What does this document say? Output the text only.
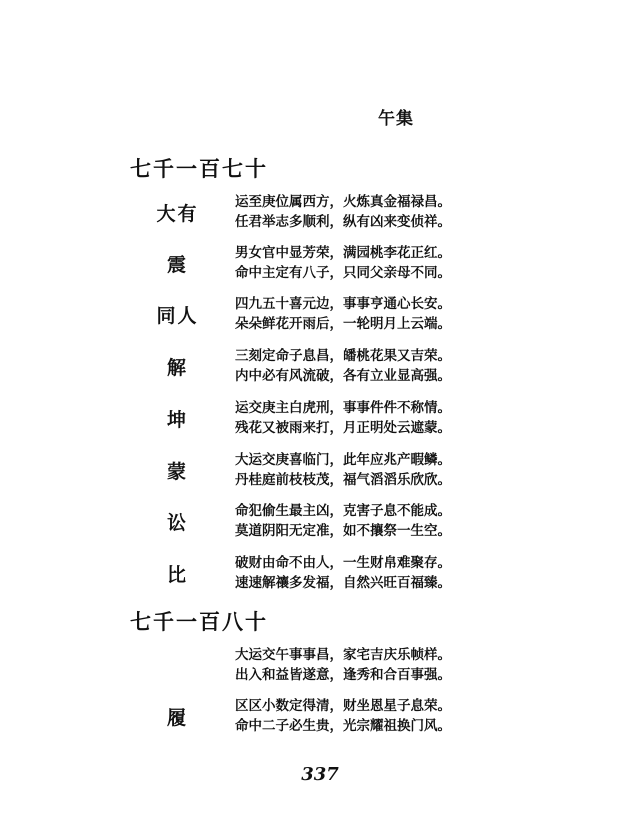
午集
七千一百七十
大有
运至庚位属西方，火炼真金福禄昌。
任君举志多顺利，纵有凶来变侦祥。
震
男女官中显芳荣，满园桃李花正红。
命中主定有八子，只同父亲母不同。
同人
四九五十喜元边，事事亨通心长安。
朵朵鲜花开雨后，一轮明月上云端。
解
三刻定命子息昌，皤桃花果又吉荣。
内中必有风流破，各有立业显高强。
坤
运交庚主白虎刑，事事件件不称情。
残花又被雨来打，月正明处云遮蒙。
蒙
大运交庚喜临门，此年应兆产暇鳞。
丹桂庭前枝枝茂，福气滔滔乐欣欣。
讼
命犯偷生最主凶，克害子息不能成。
莫道阴阳无定准，如不攘祭一生空。
比
破财由命不由人，一生财帛难聚存。
速速解禳多发福，自然兴旺百福臻。
七千一百八十
大运交午事事昌，家宅吉庆乐帧样。
出入和益皆遂意，逢秀和合百事强。
履
区区小数定得清，财坐恩星子息荣。
命中二子必生贵，光宗耀祖换门风。
337
